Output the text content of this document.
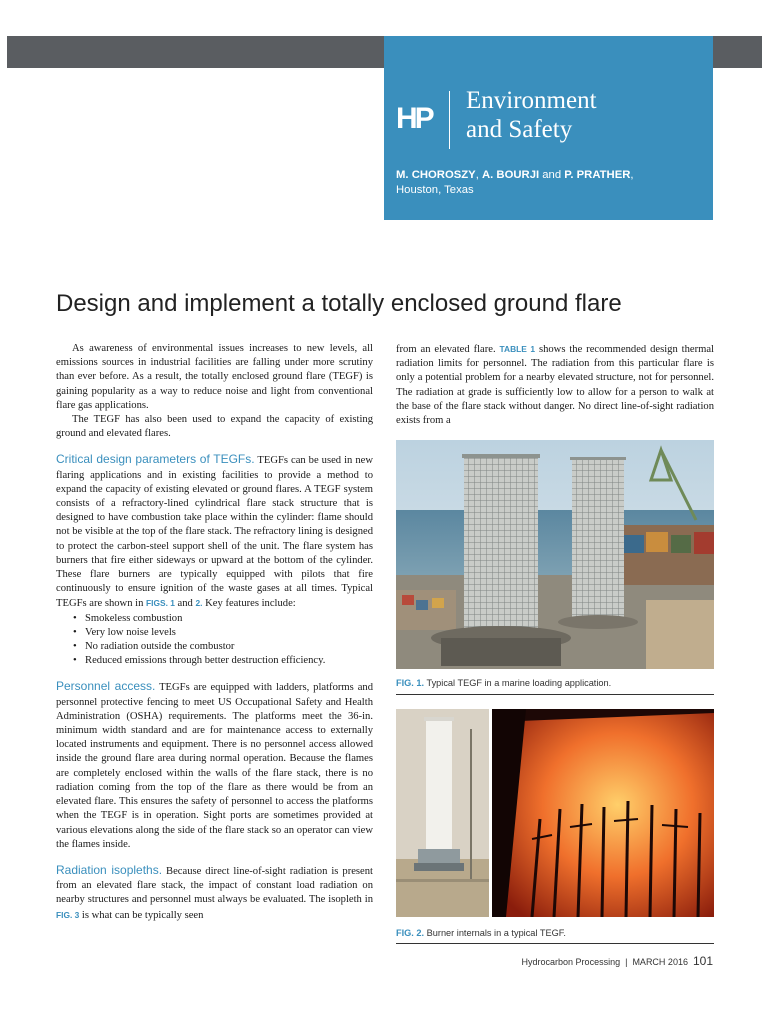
HP
Environment
and Safety
M. CHOROSZY, A. BOURJI and P. PRATHER,
Houston, Texas
Design and implement a totally enclosed ground flare

As awareness of environmental issues increases to new levels, all emissions sources in industrial facilities are falling under more scrutiny than ever before. As a result, the totally enclosed ground flare (TEGF) is gaining popularity as a way to reduce noise and light from conventional flare gas applications.

The TEGF has also been used to expand the capacity of existing ground and elevated flares.

Critical design parameters of TEGFs. TEGFs can be used in new flaring applications and in existing facilities to provide a method to expand the capacity of existing elevated or ground flares. A TEGF system consists of a refractory-lined cylindrical flare stack structure that is designed to have combustion take place within the cylinder: flame should not be visible at the top of the flare stack. The refractory lining is designed to protect the carbon-steel support shell of the unit. The flare system has burners that fire either sideways or upward at the bottom of the cylinder. These flare burners are typically equipped with pilots that fire continuously to ensure ignition of the waste gases at all times. Typical TEGFs are shown in FIGS. 1 and 2. Key features include:

• Smokeless combustion
• Very low noise levels
• No radiation outside the combustor
• Reduced emissions through better destruction efficiency.

Personnel access. TEGFs are equipped with ladders, platforms and personnel protective fencing to meet US Occupational Safety and Health Administration (OSHA) requirements. The platforms meet the 36-in. minimum width standard and are for maintenance access to externally located instruments and equipment. There is no personnel access allowed inside the ground flare area during normal operation. Because the flames are completely enclosed within the walls of the flare stack, there is no radiation coming from the top of the flare as there would be from an elevated flare. This ensures the safety of personnel to access the platforms when the TEGF is in operation. Sight ports are sometimes provided at various elevations along the side of the flare stack so an operator can view the flames inside.

Radiation isopleths. Because direct line-of-sight radiation is present from an elevated flare stack, the impact of constant load radiation on nearby structures and personnel must always be evaluated. The isopleth in FIG. 3 is what can be typically seen

from an elevated flare. TABLE 1 shows the recommended design thermal radiation limits for personnel. The radiation from this particular flare is only a potential problem for a nearby elevated structure, not for personnel. The radiation at grade is sufficiently low to allow for a person to walk at the base of the flare stack without danger. No direct line-of-sight radiation exists from a

FIG. 1. Typical TEGF in a marine loading application.
FIG. 2. Burner internals in a typical TEGF.
Hydrocarbon Processing | MARCH 2016 101
